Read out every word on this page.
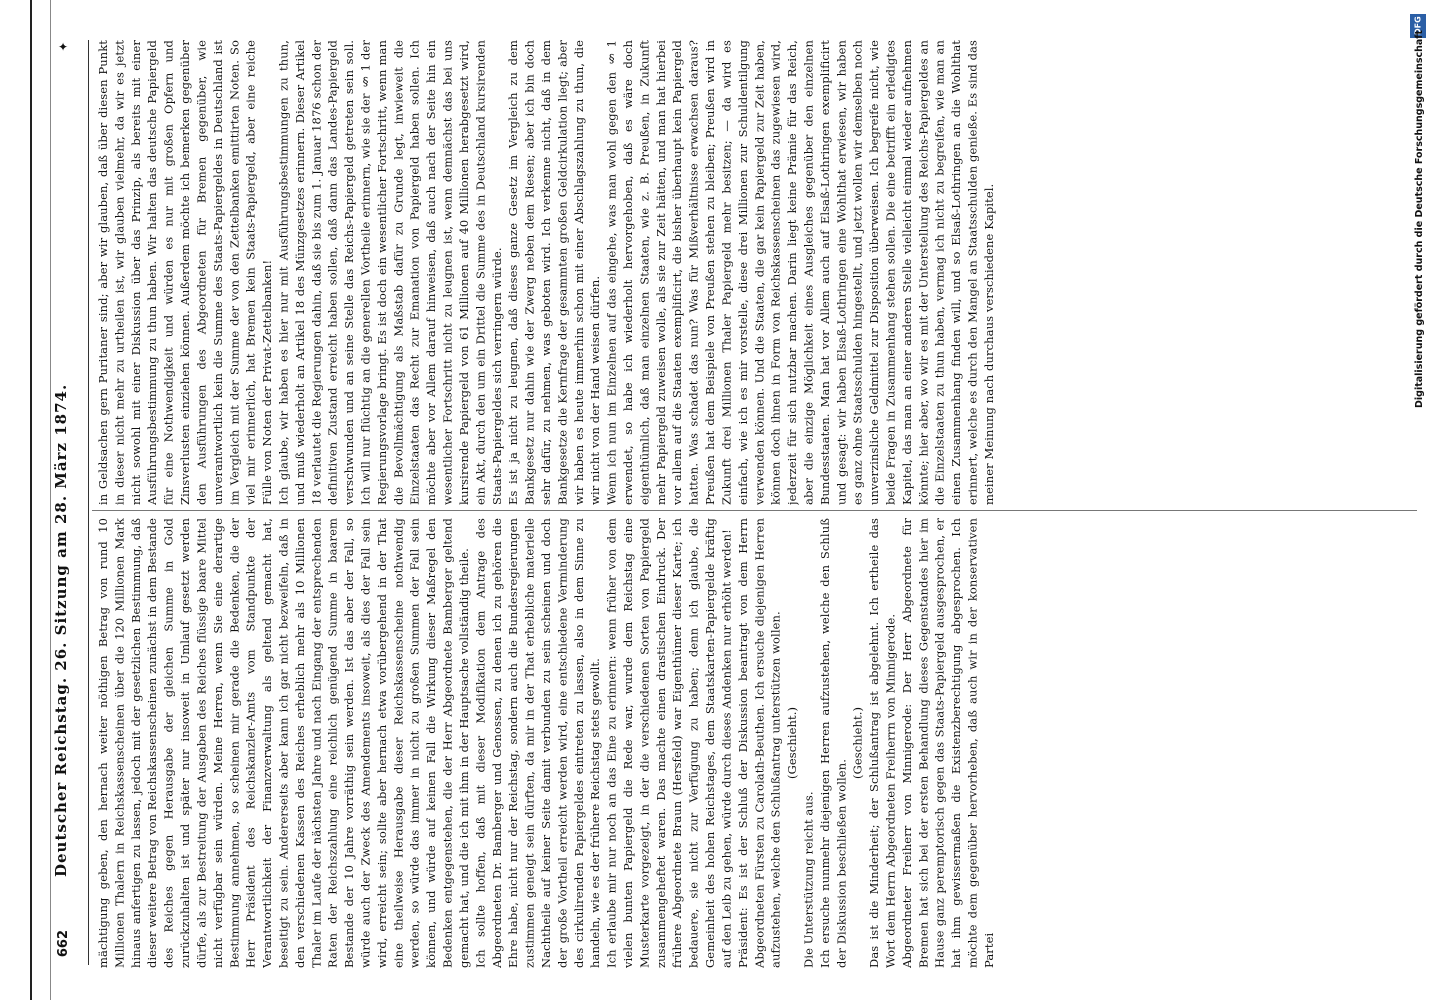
✦
662
Deutscher Reichstag. 26. Sitzung am 28. März 1874. mächtigung geben, den hernach weiter nöthigen Betrag von rund 10 Millionen Thalern in Reichskassenscheinen über die 120 Millionen Mark hinaus anfertigen zu lassen, jedoch mit der gesetzlichen Bestimmung, daß dieser weitere Betrag von Reichskassenscheinen zunächst in dem Bestande des Reiches gegen Herausgabe der gleichen Summe in Gold zurückzuhalten ist und später nur insoweit in Umlauf gesetzt werden dürfe, als zur Bestreitung der Ausgaben des Reiches flüssige baare Mittel nicht verfügbar sein würden. Meine Herren, wenn Sie eine derartige Bestimmung annehmen, so scheinen mir gerade die Bedenken, die der Herr Präsident des Reichskanzler-Amts vom Standpunkte der Verantwortlichkeit der Finanzverwaltung als geltend gemacht hat, beseitigt zu sein. Andererseits aber kann ich gar nicht bezweifeln, daß in den verschiedenen Kassen des Reiches erheblich mehr als 10 Millionen Thaler im Laufe der nächsten Jahre und nach Eingang der entsprechenden Raten der Reichszahlung eine reichlich genügend Summe in baarem Bestande der 10 Jahre vorräthig sein werden. Ist das aber der Fall, so würde auch der Zweck des Amendements insoweit, als dies der Fall sein wird, erreicht sein; sollte aber hernach etwa vorübergehend in der That eine theilweise Herausgabe dieser Reichskassenscheine nothwendig werden, so würde das immer in nicht zu großen Summen der Fall sein können, und würde auf keinen Fall die Wirkung dieser Maßregel den Bedenken entgegenstehen, die der Herr Abgeordnete Bamberger geltend gemacht hat, und die ich mit ihm in der Hauptsache vollständig theile. Ich sollte hoffen, daß mit dieser Modifikation dem Antrage des Abgeordneten Dr. Bamberger und Genossen, zu denen ich zu gehören die Ehre habe, nicht nur der Reichstag, sondern auch die Bundesregierungen zustimmen geneigt sein dürften, da mir in der That erhebliche materielle Nachtheile auf keiner Seite damit verbunden zu sein scheinen und doch der große Vortheil erreicht werden wird, eine entschiedene Verminderung des cirkulirenden Papiergeldes eintreten zu lassen, also in dem Sinne zu handeln, wie es der frühere Reichstag stets gewollt. Ich erlaube mir nur noch an das Eine zu erinnern: wenn früher von dem vielen bunten Papiergeld die Rede war, wurde dem Reichstag eine Musterkarte vorgezeigt, in der die verschiedenen Sorten von Papiergeld zusammengeheftet waren. Das machte einen drastischen Eindruck. Der frühere Abgeordnete Braun (Hersfeld) war Eigenthümer dieser Karte; ich bedauere, sie nicht zur Verfügung zu haben; denn ich glaube, die Gemeinheit des hohen Reichstages, dem Staatskarten-Papiergelde kräftig auf den Leib zu gehen, würde durch dieses Andenken nur erhöht werden! Präsident: Es ist der Schluß der Diskussion beantragt von dem Herrn Abgeordneten Fürsten zu Carolath-Beuthen. Ich ersuche diejenigen Herren aufzustehen, welche den Schlußantrag unterstützen wollen. (Geschieht.)
Die Unterstützung reicht aus. Ich ersuche nunmehr diejenigen Herren aufzustehen, welche den Schluß der Diskussion beschließen wollen.
(Geschieht.) Das ist die Minderheit; der Schlußantrag ist abgelehnt. Ich ertheile das Wort dem Herrn Abgeordneten Freiherrn von Minnigerode. Abgeordneter Freiherr von Minnigerode: Der Herr Abgeordnete für Bremen hat sich bei der ersten Behandlung dieses Gegenstandes hier im Hause ganz peremptorisch gegen das Staats-Papiergeld ausgesprochen, er hat ihm gewissermaßen die Existenzberechtigung abgesprochen. Ich möchte dem gegenüber hervorheben, daß auch wir in der konservativen Partei
in Geldsachen gern Puritaner sind; aber wir glauben, daß über diesen Punkt in dieser nicht mehr zu urtheilen ist, wir glauben vielmehr, da wir es jetzt nicht sowohl mit einer Diskussion über das Prinzip, als bereits mit einer Ausführungsbestimmung zu thun haben. Wir halten das deutsche Papiergeld für eine Nothwendigkeit und würden es nur mit großen Opfern und Zinsverlusten einziehen können. Außerdem möchte ich bemerken gegenüber den Ausführungen des Abgeordneten für Bremen gegenüber, wie unverantwortlich kein die Summe des Staats-Papiergeldes in Deutschland ist im Vergleich mit der Summe der von den Zettelbanken emittirten Noten. So viel mir erinnerlich, hat Bremen kein Staats-Papiergeld, aber eine reiche Fülle von Noten der Privat-Zettelbanken! Ich glaube, wir haben es hier nur mit Ausführungsbestimmungen zu thun, und muß wiederholt an Artikel 18 des Münzgesetzes erinnern. Dieser Artikel 18 verlautet die Regierungen dahin, daß sie bis zum 1. Januar 1876 schon der definitiven Zustand erreicht haben sollen, daß dann das Landes-Papiergeld verschwunden und an seine Stelle das Reichs-Papiergeld getreten sein soll. Ich will nur flüchtig an die generellen Vortheile erinnern, wie sie der § 1 der Regierungsvorlage bringt. Es ist doch ein wesentlicher Fortschritt, wenn man die Bevollmächtigung als Maßstab dafür zu Grunde legt, inwieweit die Einzelstaaten das Recht zur Emanation von Papiergeld haben sollen. Ich möchte aber vor Allem darauf hinweisen, daß auch nach der Seite hin ein wesentlicher Fortschritt nicht zu leugnen ist, wenn demnächst das bei uns kursirende Papiergeld von 61 Millionen auf 40 Millionen herabgesetzt wird, ein Akt, durch den um ein Drittel die Summe des in Deutschland kursirenden Staats-Papiergeldes sich verringern würde. Es ist ja nicht zu leugnen, daß dieses ganze Gesetz im Vergleich zu dem Bankgesetz nur dahin wie der Zwerg neben dem Riesen; aber ich bin doch sehr dafür, zu nehmen, was geboten wird. Ich verkenne nicht, daß in dem Bankgesetze die Kernfrage der gesammten großen Geldcirkulation liegt; aber wir haben es heute immerhin schon mit einer Abschlagszahlung zu thun, die wir nicht von der Hand weisen dürfen. Wenn ich nun im Einzelnen auf das eingehe, was man wohl gegen den § 1 erwendet, so habe ich wiederholt hervorgehoben, daß es wäre doch eigenthümlich, daß man einzelnen Staaten, wie z. B. Preußen, in Zukunft mehr Papiergeld zuweisen wolle, als sie zur Zeit hätten, und man hat hierbei vor allem auf die Staaten exemplificirt, die bisher überhaupt kein Papiergeld hatten. Was schadet das nun? Was für Mißverhältnisse erwachsen daraus? Preußen hat dem Beispiele von Preußen stehen zu bleiben; Preußen wird in Zukunft drei Millionen Thaler Papiergeld mehr besitzen; — da wird es einfach, wie ich es mir vorstelle, diese drei Millionen zur Schuldentilgung verwenden können. Und die Staaten, die gar kein Papiergeld zur Zeit haben, können doch ihnen in Form von Reichskassenscheinen das zugewiesen wird, jederzeit für sich nutzbar machen. Darin liegt keine Prämie für das Reich, aber die einzige Möglichkeit eines Ausgleiches gegenüber den einzelnen Bundesstaaten. Man hat vor Allem auch auf Elsaß-Lothringen exemplificirt und gesagt: wir haben Elsaß-Lothringen eine Wohlthat erwiesen, wir haben es ganz ohne Staatsschulden hingestellt, und jetzt wollen wir demselben noch unverzinsliche Geldmittel zur Disposition überweisen. Ich begreife nicht, wie beide Fragen in Zusammenhang stehen sollen. Die eine betrifft ein erledigtes Kapitel, das man an einer anderen Stelle vielleicht einmal wieder aufnehmen könnte; hier aber, wo wir es mit der Unterstellung des Reichs-Papiergeldes an die Einzelstaaten zu thun haben, vermag ich nicht zu begreifen, wie man an einen Zusammenhang finden will, und so Elsaß-Lothringen an die Wohlthat erinnert, welche es durch den Mangel an Staatsschulden genieße. Es sind das meiner Meinung nach durchaus verschiedene Kapitel.
DFG
Digitalisierung gefördert durch die Deutsche Forschungsgemeinschaft
